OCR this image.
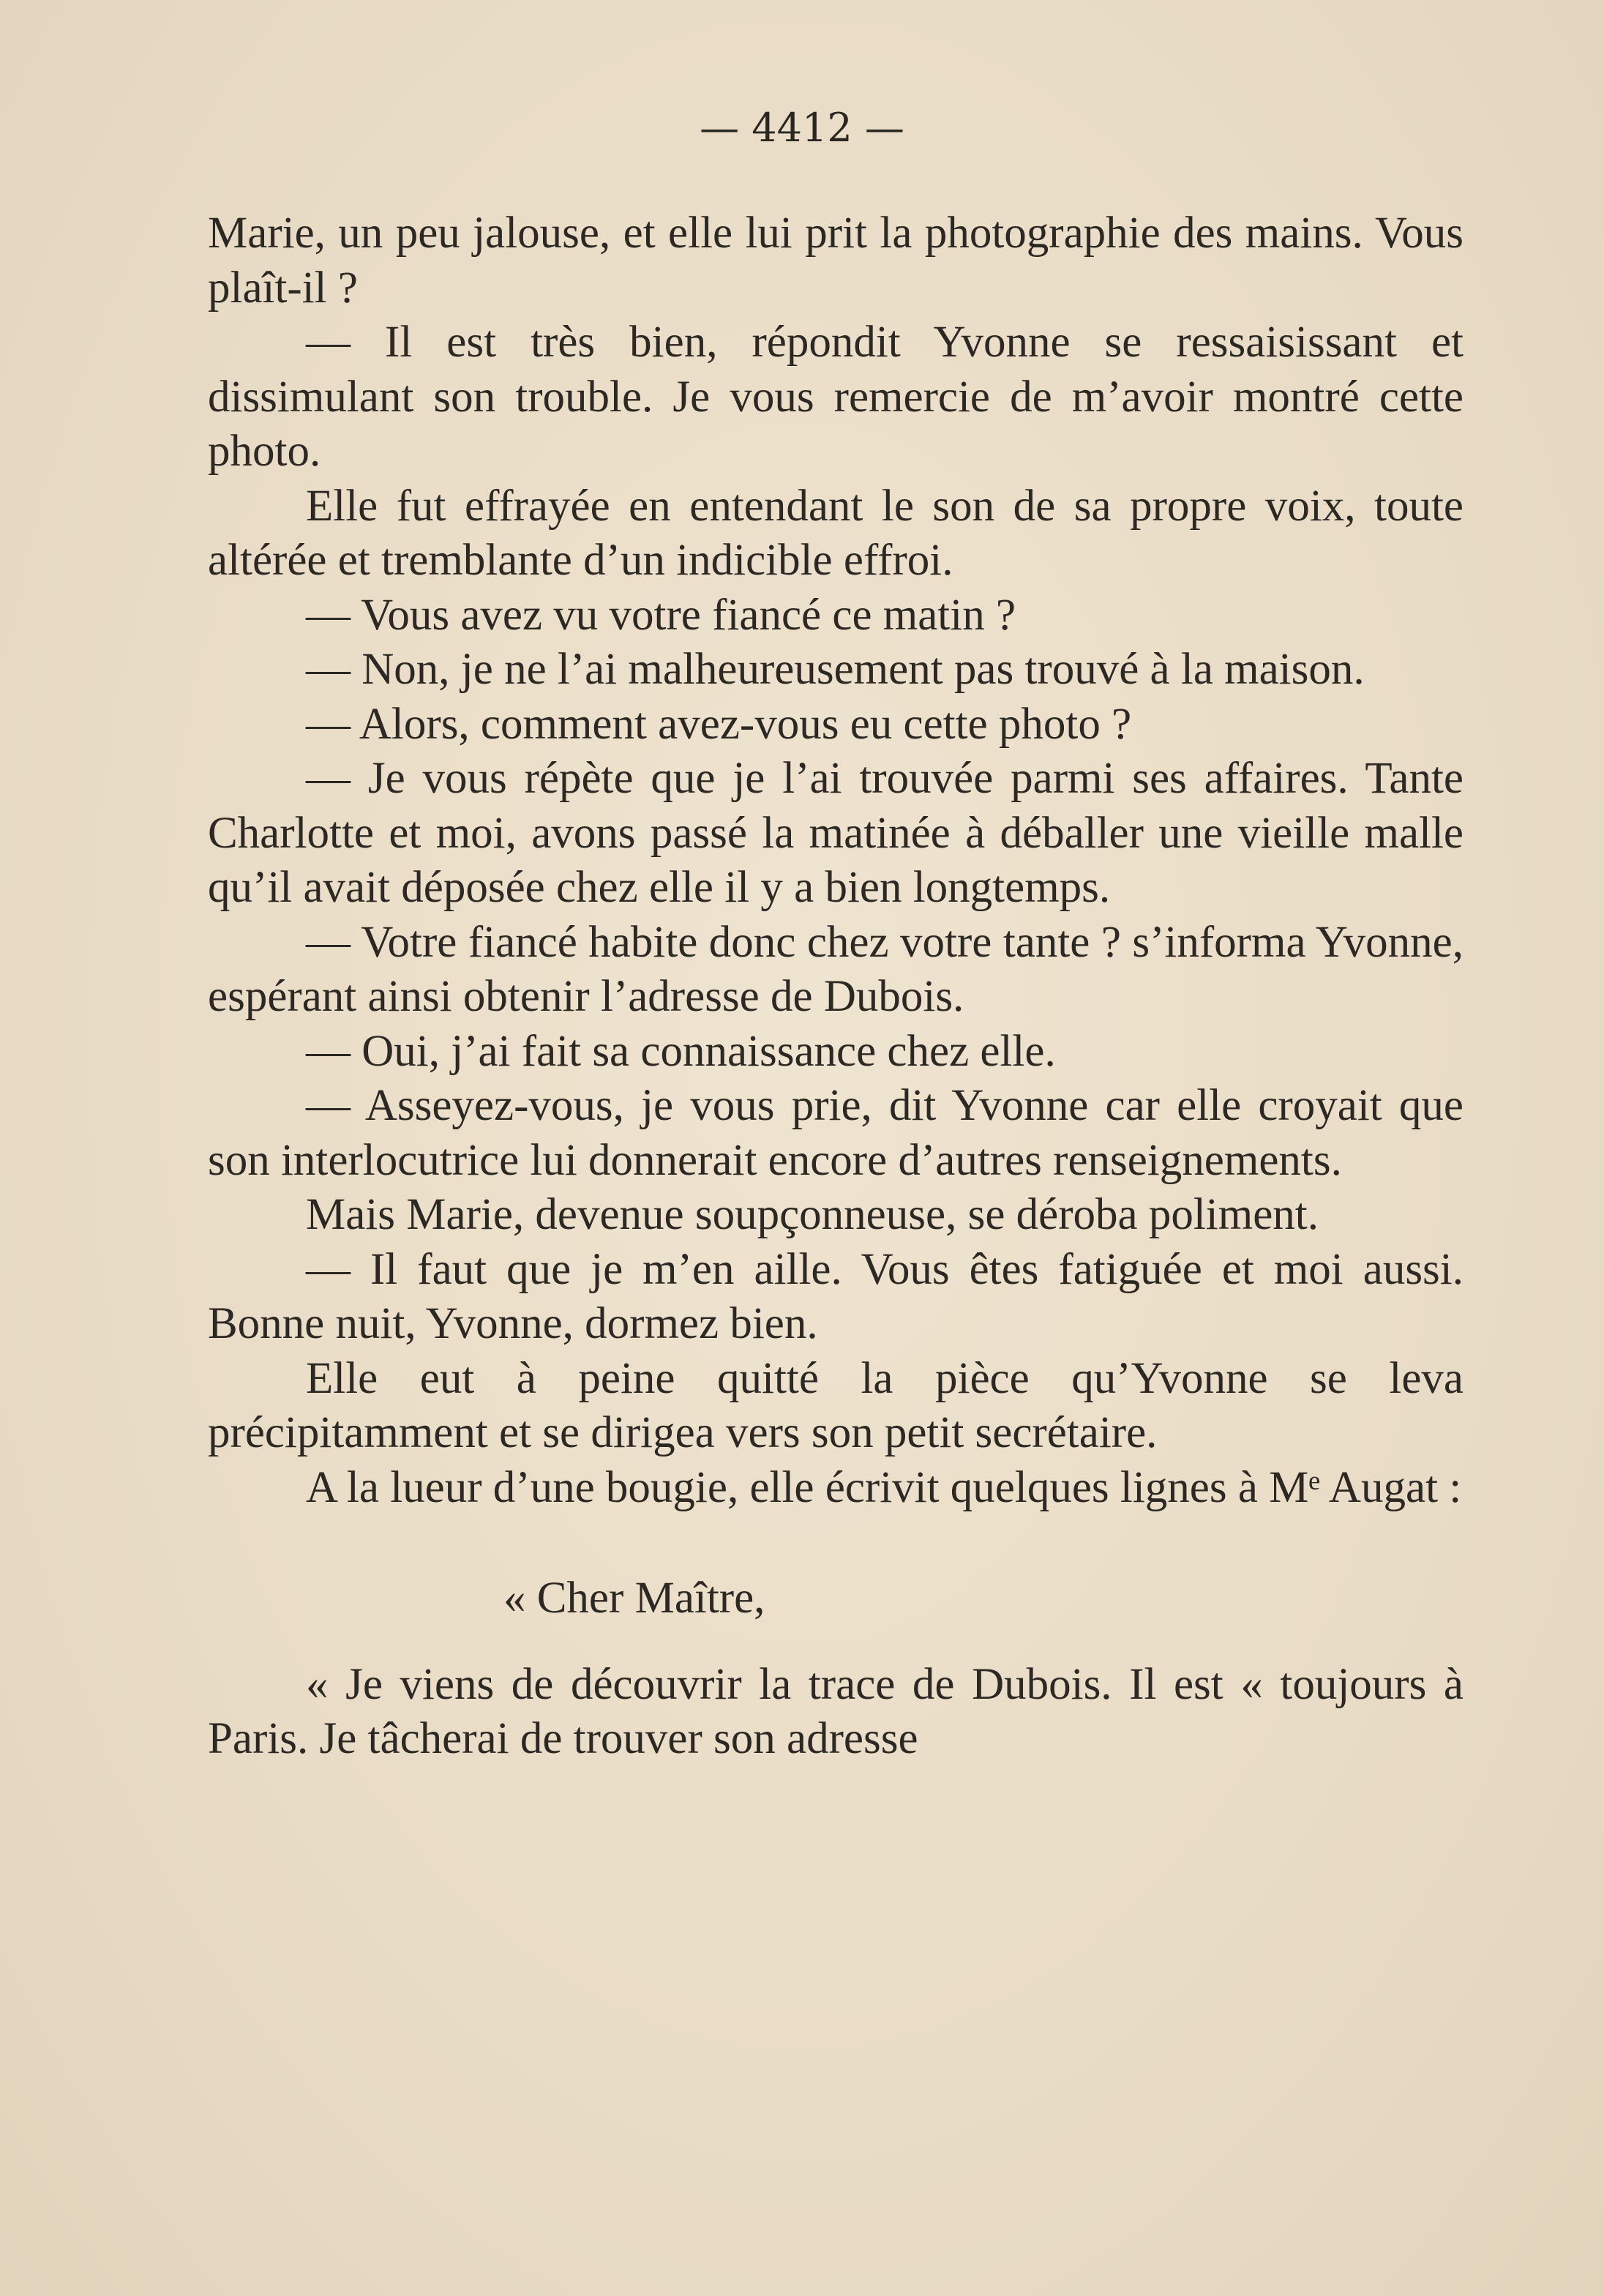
— 4412 —

Marie, un peu jalouse, et elle lui prit la photographie des mains. Vous plaît-il ?

— Il est très bien, répondit Yvonne se ressaisissant et dissimulant son trouble. Je vous remercie de m’avoir montré cette photo.

Elle fut effrayée en entendant le son de sa propre voix, toute altérée et tremblante d’un indicible effroi.

— Vous avez vu votre fiancé ce matin ?

— Non, je ne l’ai malheureusement pas trouvé à la maison.

— Alors, comment avez-vous eu cette photo ?

— Je vous répète que je l’ai trouvée parmi ses affaires. Tante Charlotte et moi, avons passé la matinée à déballer une vieille malle qu’il avait déposée chez elle il y a bien longtemps.

— Votre fiancé habite donc chez votre tante ? s’informa Yvonne, espérant ainsi obtenir l’adresse de Dubois.

— Oui, j’ai fait sa connaissance chez elle.

— Asseyez-vous, je vous prie, dit Yvonne car elle croyait que son interlocutrice lui donnerait encore d’autres renseignements.

Mais Marie, devenue soupçonneuse, se déroba poliment.

— Il faut que je m’en aille. Vous êtes fatiguée et moi aussi. Bonne nuit, Yvonne, dormez bien.

Elle eut à peine quitté la pièce qu’Yvonne se leva précipitamment et se dirigea vers son petit secrétaire.

A la lueur d’une bougie, elle écrivit quelques lignes à Mᵉ Augat :

« Cher Maître,

« Je viens de découvrir la trace de Dubois. Il est « toujours à Paris. Je tâcherai de trouver son adresse
